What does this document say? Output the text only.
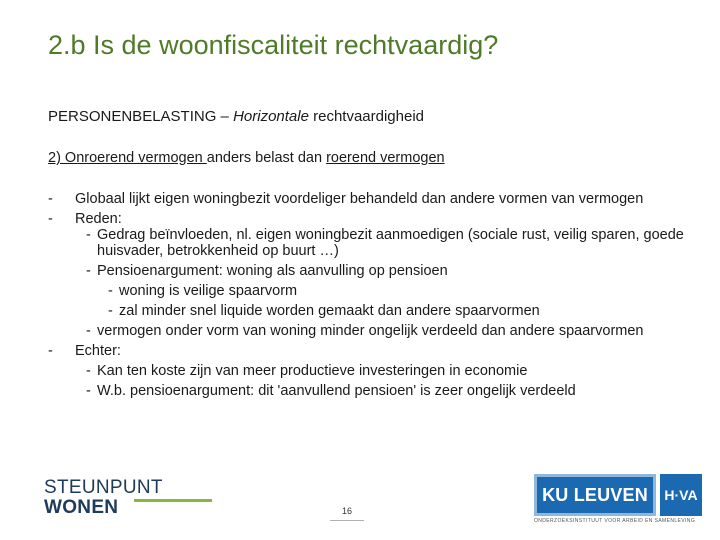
2.b Is de woonfiscaliteit rechtvaardig?
PERSONENBELASTING – Horizontale rechtvaardigheid
2) Onroerend vermogen anders belast dan roerend vermogen
- Globaal lijkt eigen woningbezit voordeliger behandeld dan andere vormen van vermogen
- Reden:
- Gedrag beïnvloeden, nl. eigen woningbezit aanmoedigen (sociale rust, veilig sparen, goede huisvader, betrokkenheid op buurt …)
- Pensioenargument: woning als aanvulling op pensioen
- woning is veilige spaarvorm
- zal minder snel liquide worden gemaakt dan andere spaarvormen
- vermogen onder vorm van woning minder ongelijk verdeeld dan andere spaarvormen
- Echter:
- Kan ten koste zijn van meer productieve investeringen in economie
- W.b. pensioenargument: dit 'aanvullend pensioen' is zeer ongelijk verdeeld
STEUNPUNT
WONEN	16
KU LEUVEN	H·VA
ONDERZOEKSINSTITUUT VOOR ARBEID EN SAMENLEVING
